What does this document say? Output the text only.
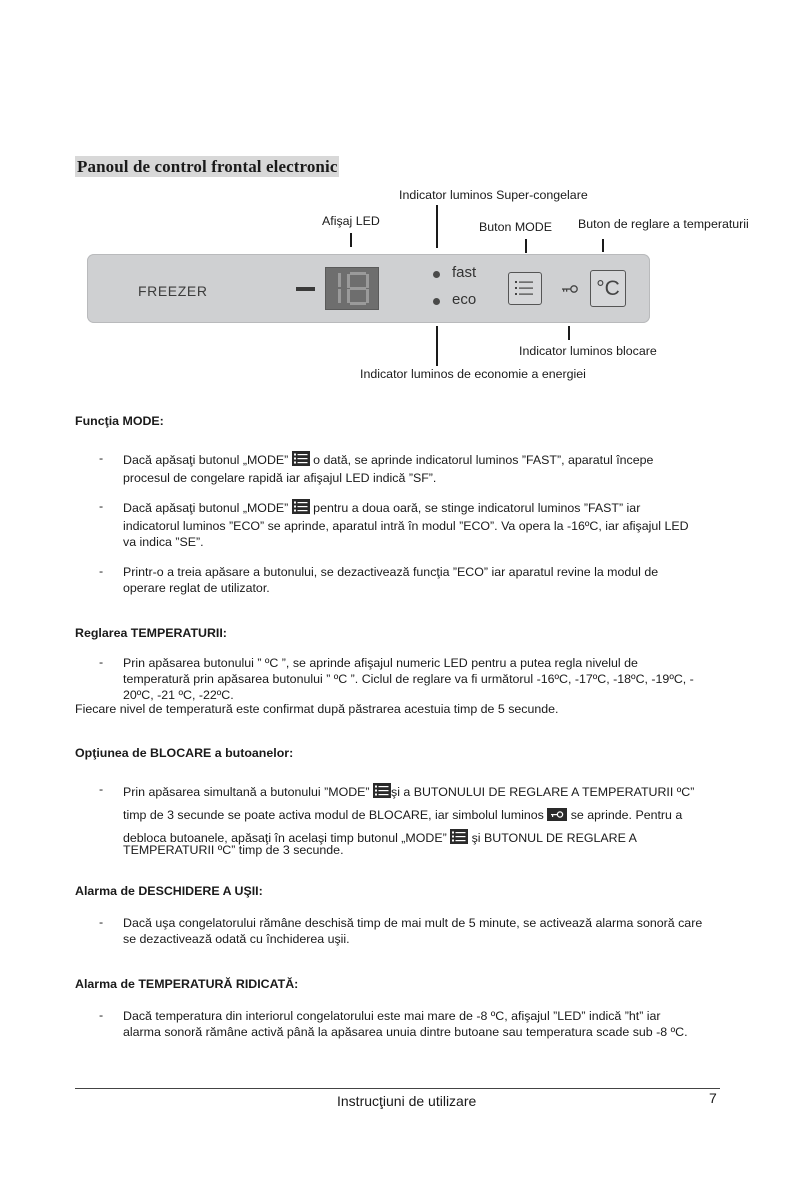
Panoul de control frontal electronic
Indicator luminos Super-congelare
Afişaj LED	Buton MODE Buton de reglare a temperaturii
Indicator luminos blocare
Indicator luminos de economie a energiei
FREEZER
fast
eco	°C
Funcţia MODE:
- Dacă apăsaţi butonul „MODE”  o dată, se aprinde indicatorul luminos ”FAST”, aparatul începe
procesul de congelare rapidă iar afişajul LED indică ”SF”.
- Dacă apăsaţi butonul „MODE”  pentru a doua oară, se stinge indicatorul luminos ”FAST” iar
indicatorul luminos ”ECO” se aprinde, aparatul intră în modul ”ECO”. Va opera la -16ºC, iar afişajul LED
va indica ”SE”.
- Printr-o a treia apăsare a butonului, se dezactivează funcţia ”ECO” iar aparatul revine la modul de
operare reglat de utilizator.
Reglarea TEMPERATURII:
- Prin apăsarea butonului ” ºC ”, se aprinde afişajul numeric LED pentru a putea regla nivelul de
temperatură prin apăsarea butonului ” ºC ”. Ciclul de reglare va fi următorul -16ºC, -17ºC, -18ºC, -19ºC, -
20ºC, -21 ºC, -22ºC.
Fiecare nivel de temperatură este confirmat după păstrarea acestuia timp de 5 secunde.
Opţiunea de BLOCARE a butoanelor:
- Prin apăsarea simultană a butonului ”MODE” şi a BUTONULUI DE REGLARE A TEMPERATURII ºC”
timp de 3 secunde se poate activa modul de BLOCARE, iar simbolul luminos  se aprinde. Pentru a
debloca butoanele, apăsaţi în acelaşi timp butonul „MODE”  şi BUTONUL DE REGLARE A

TEMPERATURII ºC” timp de 3 secunde.
Alarma de DESCHIDERE A UŞII:
- Dacă uşa congelatorului rămâne deschisă timp de mai mult de 5 minute, se activează alarma sonoră care
se dezactivează odată cu închiderea uşii.
Alarma de TEMPERATURĂ RIDICATĂ:
- Dacă temperatura din interiorul congelatorului este mai mare de -8 ºC, afişajul ”LED” indică ”ht” iar
alarma sonoră rămâne activă până la apăsarea unuia dintre butoane sau temperatura scade sub -8 ºC.
Instrucţiuni de utilizare	7
